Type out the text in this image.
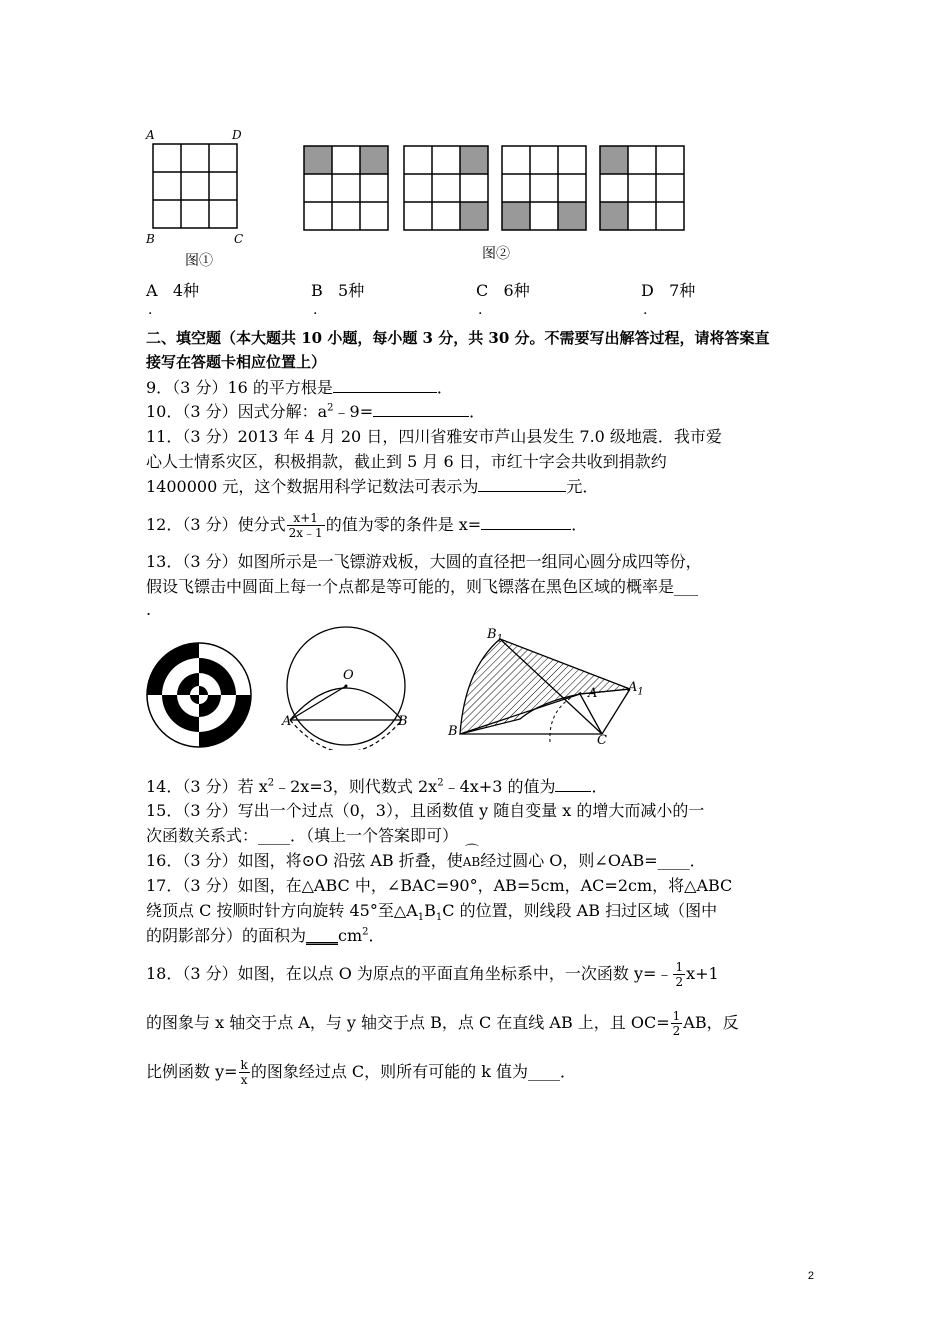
A	D
B	C
图①	图②
A 4种	B 5种	C 6种	D 7种
.	.	.	.
二、填空题（本大题共 10 小题，每小题 3 分，共 30 分。不需要写出解答过程，请将答案直
接写在答题卡相应位置上）
9．（3 分）16 的平方根是	．
10．（3 分）因式分解：$a^2﹣9=$	．
11．（3 分）2013 年 4 月 20 日，四川省雅安市芦山县发生 7.0 级地震．我市爱
心人士情系灾区，积极捐款，截止到 5 月 6 日，市红十字会共收到捐款约
1400000 元，这个数据用科学记数法可表示为	元．
12．（3 分）使分式 $\frac{x+1}{2x﹣1}$ 的值为零的条件是 x=	．
13．（3 分）如图所示是一飞镖游戏板，大圆的直径把一组同心圆分成四等份，
假设飞镖击中圆面上每一个点都是等可能的，则飞镖落在黑色区域的概率是___
.
O
A	B
$B_1$
A $A_1$
B
C
14．（3 分）若 $x^2﹣2x=3$，则代数式 $2x^2﹣4x+3$ 的值为 ．
15．（3 分）写出一个过点（0，3），且函数值 y 随自变量 x 的增大而减小的一
次函数关系式：____．（填上一个答案即可）
16．（3 分）如图，将⊙O 沿弦 AB 折叠，使⌒ AB经过圆心 O，则∠OAB=____．
17．（3 分）如图，在△ABC 中，∠BAC=90°，AB=5cm，AC=2cm，将△ABC
绕顶点 C 按顺时针方向旋转 45°至$\triangle A_1B_1C$ 的位置，则线段 AB 扫过区域（图中
的阴影部分）的面积为$\_\_\_\_cm^2$．
18．（3 分）如图，在以点 O 为原点的平面直角坐标系中，一次函数 y=﹣ $\frac{1}{2} x+1$
的图象与 x 轴交于点 A，与 y 轴交于点 B，点 C 在直线 AB 上，且 $OC= \frac{1}{2}$ AB，反
比例函数 $y= \frac{k}{x}$ 的图象经过点 C，则所有可能的 k 值为____．
2
